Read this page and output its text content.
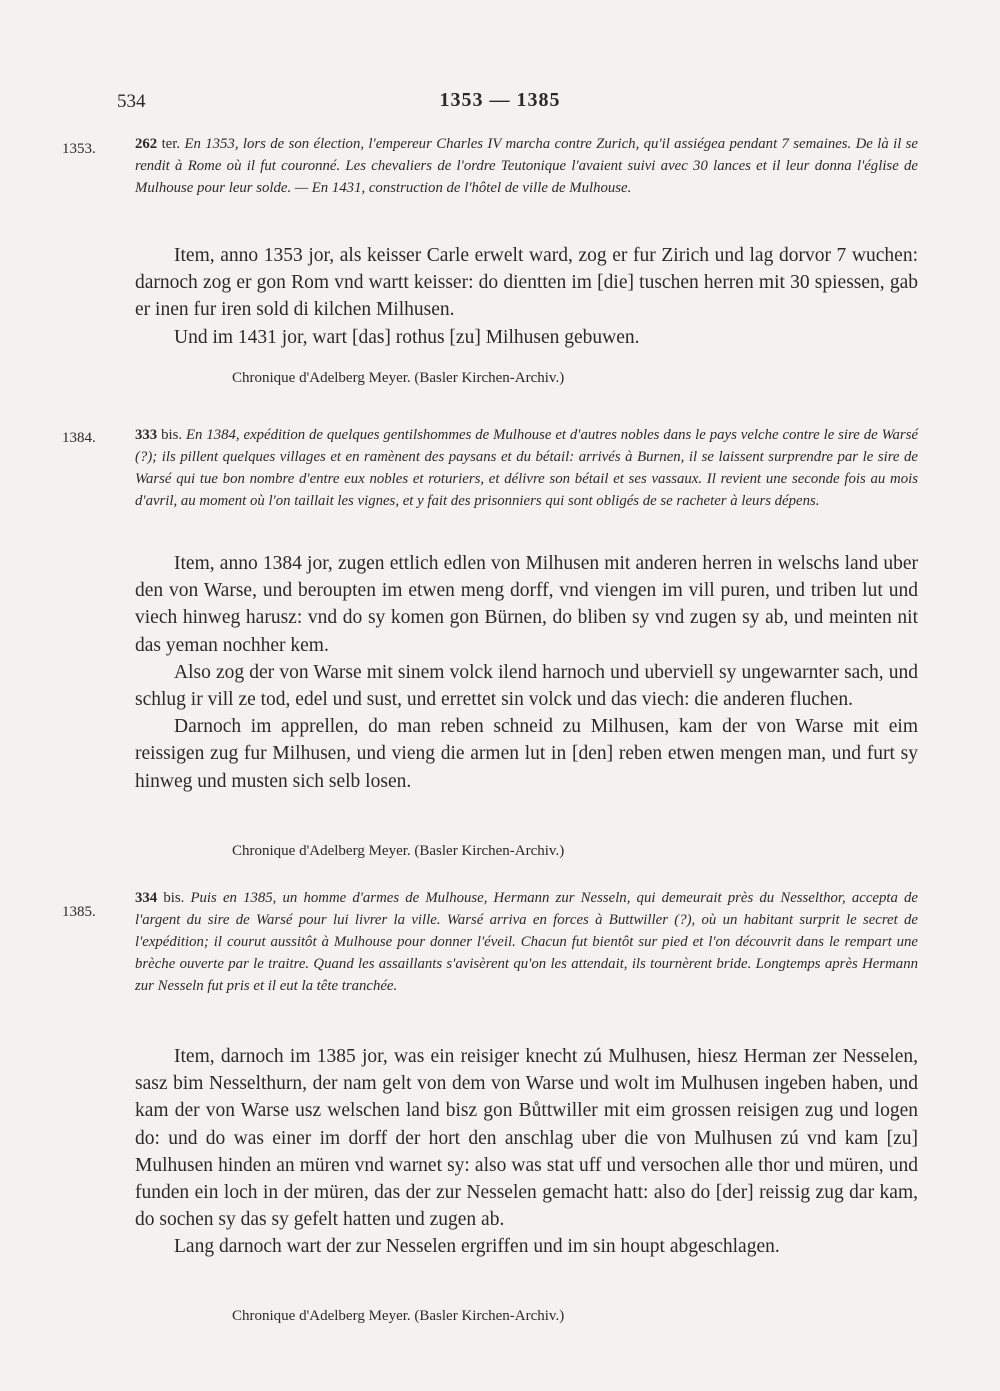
534	1353 — 1385
1353.	262 ter. En 1353, lors de son élection, l'empereur Charles IV marcha contre Zurich, qu'il assiégea pendant 7 semaines. De là il se rendit à Rome où il fut couronné. Les chevaliers de l'ordre Teutonique l'avaient suivi avec 30 lances et il leur donna l'église de Mulhouse pour leur solde. — En 1431, construction de l'hôtel de ville de Mulhouse.

Item, anno 1353 jor, als keisser Carle erwelt ward, zog er fur Zirich und lag dorvor 7 wuchen: darnoch zog er gon Rom vnd wartt keisser: do dientten im [die] tuschen herren mit 30 spiessen, gab er inen fur iren sold di kilchen Milhusen.

Und im 1431 jor, wart [das] rothus [zu] Milhusen gebuwen.

Chronique d'Adelberg Meyer. (Basler Kirchen-Archiv.)
1384.	333 bis. En 1384, expédition de quelques gentilshommes de Mulhouse et d'autres nobles dans le pays velche contre le sire de Warsé (?); ils pillent quelques villages et en ramènent des paysans et du bétail: arrivés à Burnen, il se laissent surprendre par le sire de Warsé qui tue bon nombre d'entre eux nobles et roturiers, et délivre son bétail et ses vassaux. Il revient une seconde fois au mois d'avril, au moment où l'on taillait les vignes, et y fait des prisonniers qui sont obligés de se racheter à leurs dépens.

Item, anno 1384 jor, zugen ettlich edlen von Milhusen mit anderen herren in welschs land uber den von Warse, und beroupten im etwen meng dorff, vnd viengen im vill puren, und triben lut und viech hinweg harusz: vnd do sy komen gon Bürnen, do bliben sy vnd zugen sy ab, und meinten nit das yeman nochher kem.

Also zog der von Warse mit sinem volck ilend harnoch und uberviell sy ungewarnter sach, und schlug ir vill ze tod, edel und sust, und errettet sin volck und das viech: die anderen fluchen.

Darnoch im apprellen, do man reben schneid zu Milhusen, kam der von Warse mit eim reissigen zug fur Milhusen, und vieng die armen lut in [den] reben etwen mengen man, und furt sy hinweg und musten sich selb losen.

Chronique d'Adelberg Meyer. (Basler Kirchen-Archiv.)
1385.
334 bis. Puis en 1385, un homme d'armes de Mulhouse, Hermann zur Nesseln, qui demeurait près du Nesselthor, accepta de l'argent du sire de Warsé pour lui livrer la ville. Warsé arriva en forces à Buttwiller (?), où un habitant surprit le secret de l'expédition; il courut aussitôt à Mulhouse pour donner l'éveil. Chacun fut bientôt sur pied et l'on découvrit dans le rempart une brèche ouverte par le traitre. Quand les assaillants s'avisèrent qu'on les attendait, ils tournèrent bride. Longtemps après Hermann zur Nesseln fut pris et il eut la tête tranchée.

Item, darnoch im 1385 jor, was ein reisiger knecht zú Mulhusen, hiesz Herman zer Nesselen, sasz bim Nesselthurn, der nam gelt von dem von Warse und wolt im Mulhusen ingeben haben, und kam der von Warse usz welschen land bisz gon Bůttwiller mit eim grossen reisigen zug und logen do: und do was einer im dorff der hort den anschlag uber die von Mulhusen zú vnd kam [zu] Mulhusen hinden an müren vnd warnet sy: also was stat uff und versochen alle thor und müren, und funden ein loch in der müren, das der zur Nesselen gemacht hatt: also do [der] reissig zug dar kam, do sochen sy das sy gefelt hatten und zugen ab.

Lang darnoch wart der zur Nesselen ergriffen und im sin houpt abgeschlagen.

Chronique d'Adelberg Meyer. (Basler Kirchen-Archiv.)
